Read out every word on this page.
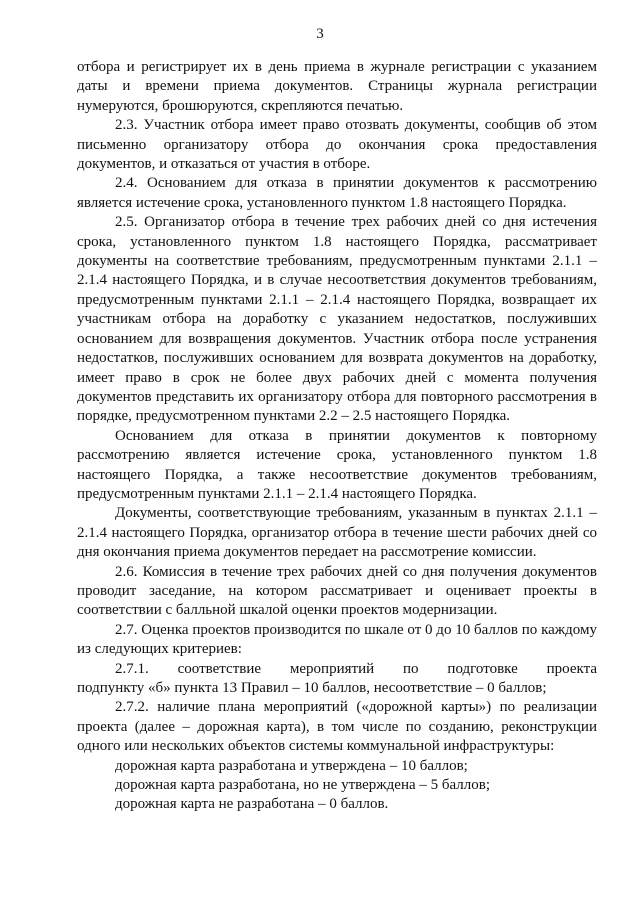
3

отбора и регистрирует их в день приема в журнале регистрации с указанием даты и времени приема документов. Страницы журнала регистрации нумеруются, брошюруются, скрепляются печатью.

2.3. Участник отбора имеет право отозвать документы, сообщив об этом письменно организатору отбора до окончания срока предоставления документов, и отказаться от участия в отборе.

2.4. Основанием для отказа в принятии документов к рассмотрению является истечение срока, установленного пунктом 1.8 настоящего Порядка.

2.5. Организатор отбора в течение трех рабочих дней со дня истечения срока, установленного пунктом 1.8 настоящего Порядка, рассматривает документы на соответствие требованиям, предусмотренным пунктами 2.1.1 – 2.1.4 настоящего Порядка, и в случае несоответствия документов требованиям, предусмотренным пунктами 2.1.1 – 2.1.4 настоящего Порядка, возвращает их участникам отбора на доработку с указанием недостатков, послуживших основанием для возвращения документов. Участник отбора после устранения недостатков, послуживших основанием для возврата документов на доработку, имеет право в срок не более двух рабочих дней с момента получения документов представить их организатору отбора для повторного рассмотрения в порядке, предусмотренном пунктами 2.2 – 2.5 настоящего Порядка.

Основанием для отказа в принятии документов к повторному рассмотрению является истечение срока, установленного пунктом 1.8 настоящего Порядка, а также несоответствие документов требованиям, предусмотренным пунктами 2.1.1 – 2.1.4 настоящего Порядка.

Документы, соответствующие требованиям, указанным в пунктах 2.1.1 – 2.1.4 настоящего Порядка, организатор отбора в течение шести рабочих дней со дня окончания приема документов передает на рассмотрение комиссии.

2.6. Комиссия в течение трех рабочих дней со дня получения документов проводит заседание, на котором рассматривает и оценивает проекты в соответствии с балльной шкалой оценки проектов модернизации.

2.7. Оценка проектов производится по шкале от 0 до 10 баллов по каждому из следующих критериев:

2.7.1. соответствие мероприятий по подготовке проекта

подпункту «б» пункта 13 Правил – 10 баллов, несоответствие – 0 баллов;

2.7.2. наличие плана мероприятий («дорожной карты») по реализации проекта (далее – дорожная карта), в том числе по созданию, реконструкции одного или нескольких объектов системы коммунальной инфраструктуры:

дорожная карта разработана и утверждена – 10 баллов;

дорожная карта разработана, но не утверждена – 5 баллов;

дорожная карта не разработана – 0 баллов.
